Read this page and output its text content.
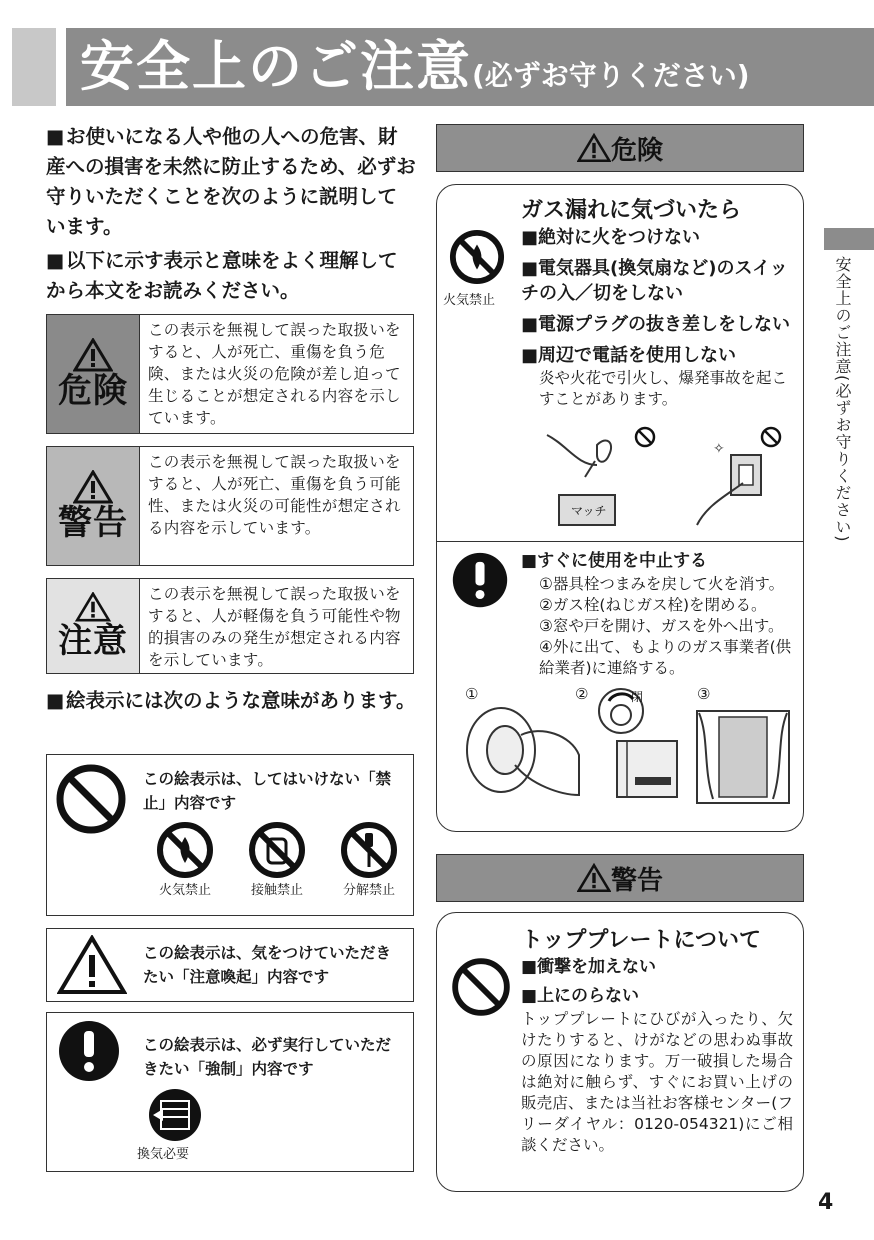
安全上のご注意(必ずお守りください)
■お使いになる人や他の人への危害、財産への損害を未然に防止するため、必ずお守りいただくことを次のように説明しています。
■以下に示す表示と意味をよく理解してから本文をお読みください。
危険
この表示を無視して誤った取扱いをすると、人が死亡、重傷を負う危険、または火災の危険が差し迫って生じることが想定される内容を示しています。
警告
この表示を無視して誤った取扱いをすると、人が死亡、重傷を負う可能性、または火災の可能性が想定される内容を示しています。
注意
この表示を無視して誤った取扱いをすると、人が軽傷を負う可能性や物的損害のみの発生が想定される内容を示しています。
■絵表示には次のような意味があります。
この絵表示は、してはいけない「禁止」内容です
火気禁止	接触禁止	分解禁止
この絵表示は、気をつけていただきたい「注意喚起」内容です
この絵表示は、必ず実行していただきたい「強制」内容です
換気必要
危険
ガス漏れに気づいたら
火気禁止
■絶対に火をつけない
■電気器具(換気扇など)のスイッチの入／切をしない
■電源プラグの抜き差しをしない
■周辺で電話を使用しない
炎や火花で引火し、爆発事故を起こすことがあります。
マッチ
✧
■すぐに使用を中止する
①器具栓つまみを戻して火を消す。
②ガス栓(ねじガス栓)を閉める。
③窓や戸を開け、ガスを外へ出す。
④外に出て、もよりのガス事業者(供給業者)に連絡する。
①	②	閉	③
警告
トッププレートについて
■衝撃を加えない
■上にのらない
トッププレートにひびが入ったり、欠けたりすると、けがなどの思わぬ事故の原因になります。万一破損した場合は絶対に触らず、すぐにお買い上げの販売店、または当社お客様センター(フリーダイヤル：0120-054321)にご相談ください。
安全上のご注意(必ずお守りください)
4
